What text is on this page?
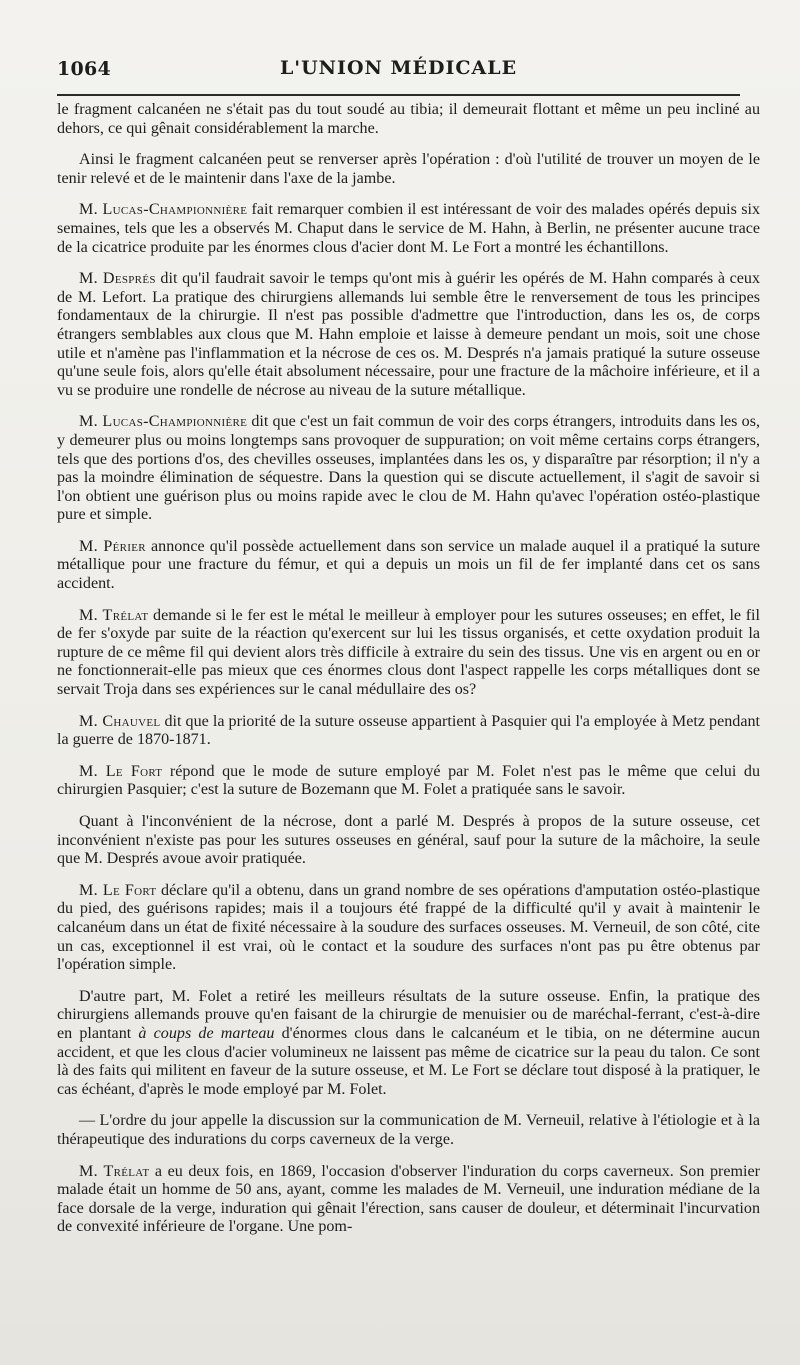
1064	L'UNION MÉDICALE

le fragment calcanéen ne s'était pas du tout soudé au tibia; il demeurait flottant et même un peu incliné au dehors, ce qui gênait considérablement la marche.

Ainsi le fragment calcanéen peut se renverser après l'opération : d'où l'utilité de trouver un moyen de le tenir relevé et de le maintenir dans l'axe de la jambe.

M. Lucas-Championnière fait remarquer combien il est intéressant de voir des malades opérés depuis six semaines, tels que les a observés M. Chaput dans le service de M. Hahn, à Berlin, ne présenter aucune trace de la cicatrice produite par les énormes clous d'acier dont M. Le Fort a montré les échantillons.

M. Després dit qu'il faudrait savoir le temps qu'ont mis à guérir les opérés de M. Hahn comparés à ceux de M. Lefort. La pratique des chirurgiens allemands lui semble être le renversement de tous les principes fondamentaux de la chirurgie. Il n'est pas possible d'admettre que l'introduction, dans les os, de corps étrangers semblables aux clous que M. Hahn emploie et laisse à demeure pendant un mois, soit une chose utile et n'amène pas l'inflammation et la nécrose de ces os. M. Després n'a jamais pratiqué la suture osseuse qu'une seule fois, alors qu'elle était absolument nécessaire, pour une fracture de la mâchoire inférieure, et il a vu se produire une rondelle de nécrose au niveau de la suture métallique.

M. Lucas-Championnière dit que c'est un fait commun de voir des corps étrangers, introduits dans les os, y demeurer plus ou moins longtemps sans provoquer de suppuration; on voit même certains corps étrangers, tels que des portions d'os, des chevilles osseuses, implantées dans les os, y disparaître par résorption; il n'y a pas la moindre élimination de séquestre. Dans la question qui se discute actuellement, il s'agit de savoir si l'on obtient une guérison plus ou moins rapide avec le clou de M. Hahn qu'avec l'opération ostéo-plastique pure et simple.

M. Périer annonce qu'il possède actuellement dans son service un malade auquel il a pratiqué la suture métallique pour une fracture du fémur, et qui a depuis un mois un fil de fer implanté dans cet os sans accident.

M. Trélat demande si le fer est le métal le meilleur à employer pour les sutures osseuses; en effet, le fil de fer s'oxyde par suite de la réaction qu'exercent sur lui les tissus organisés, et cette oxydation produit la rupture de ce même fil qui devient alors très difficile à extraire du sein des tissus. Une vis en argent ou en or ne fonctionnerait-elle pas mieux que ces énormes clous dont l'aspect rappelle les corps métalliques dont se servait Troja dans ses expériences sur le canal médullaire des os?

M. Chauvel dit que la priorité de la suture osseuse appartient à Pasquier qui l'a employée à Metz pendant la guerre de 1870-1871.

M. Le Fort répond que le mode de suture employé par M. Folet n'est pas le même que celui du chirurgien Pasquier; c'est la suture de Bozemann que M. Folet a pratiquée sans le savoir.

Quant à l'inconvénient de la nécrose, dont a parlé M. Després à propos de la suture osseuse, cet inconvénient n'existe pas pour les sutures osseuses en général, sauf pour la suture de la mâchoire, la seule que M. Després avoue avoir pratiquée.

M. Le Fort déclare qu'il a obtenu, dans un grand nombre de ses opérations d'amputation ostéo-plastique du pied, des guérisons rapides; mais il a toujours été frappé de la difficulté qu'il y avait à maintenir le calcanéum dans un état de fixité nécessaire à la soudure des surfaces osseuses. M. Verneuil, de son côté, cite un cas, exceptionnel il est vrai, où le contact et la soudure des surfaces n'ont pas pu être obtenus par l'opération simple.

D'autre part, M. Folet a retiré les meilleurs résultats de la suture osseuse. Enfin, la pratique des chirurgiens allemands prouve qu'en faisant de la chirurgie de menuisier ou de maréchal-ferrant, c'est-à-dire en plantant à coups de marteau d'énormes clous dans le calcanéum et le tibia, on ne détermine aucun accident, et que les clous d'acier volumineux ne laissent pas même de cicatrice sur la peau du talon. Ce sont là des faits qui militent en faveur de la suture osseuse, et M. Le Fort se déclare tout disposé à la pratiquer, le cas échéant, d'après le mode employé par M. Folet.

— L'ordre du jour appelle la discussion sur la communication de M. Verneuil, relative à l'étiologie et à la thérapeutique des indurations du corps caverneux de la verge.

M. Trélat a eu deux fois, en 1869, l'occasion d'observer l'induration du corps caverneux. Son premier malade était un homme de 50 ans, ayant, comme les malades de M. Verneuil, une induration médiane de la face dorsale de la verge, induration qui gênait l'érection, sans causer de douleur, et déterminait l'incurvation de convexité inférieure de l'organe. Une pom-
